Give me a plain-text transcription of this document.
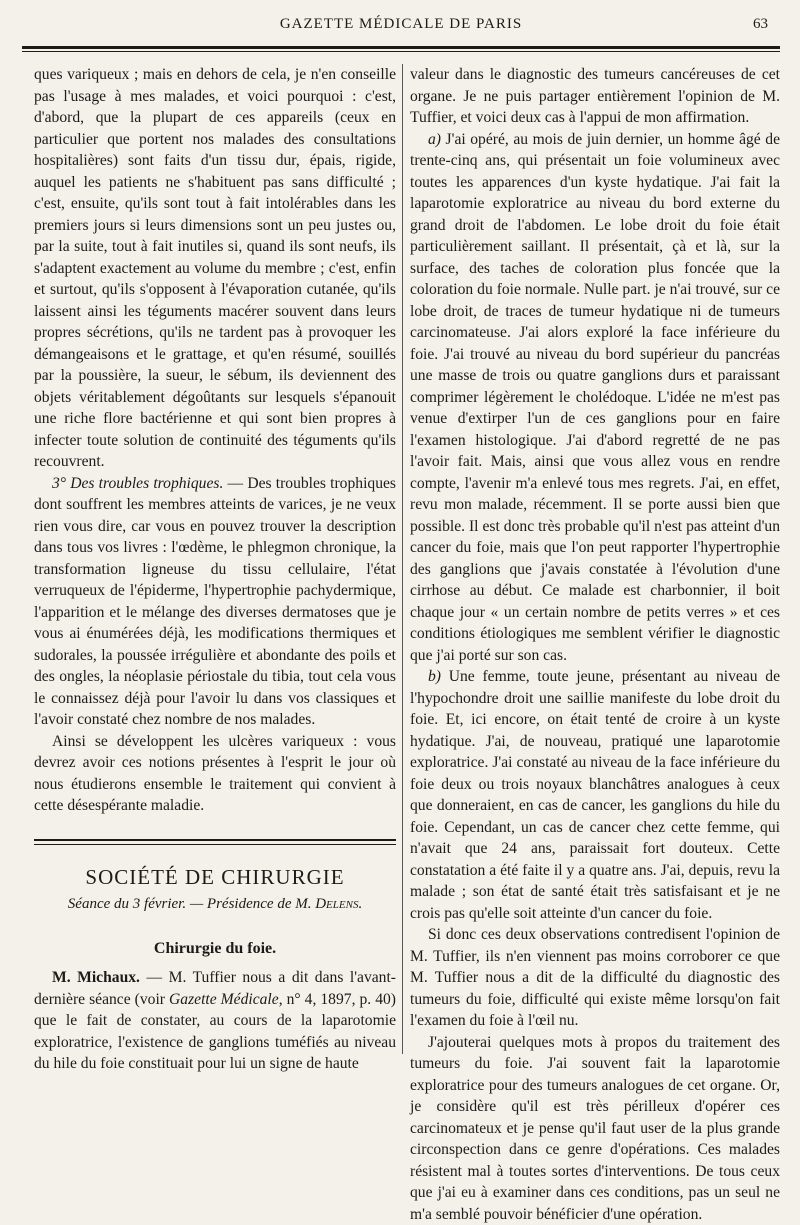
GAZETTE MÉDICALE DE PARIS	63

ques variqueux ; mais en dehors de cela, je n'en conseille pas l'usage à mes malades, et voici pourquoi : c'est, d'abord, que la plupart de ces appareils (ceux en particulier que portent nos malades des consultations hospitalières) sont faits d'un tissu dur, épais, rigide, auquel les patients ne s'habituent pas sans difficulté ; c'est, ensuite, qu'ils sont tout à fait intolérables dans les premiers jours si leurs dimensions sont un peu justes ou, par la suite, tout à fait inutiles si, quand ils sont neufs, ils s'adaptent exactement au volume du membre ; c'est, enfin et surtout, qu'ils s'opposent à l'évaporation cutanée, qu'ils laissent ainsi les téguments macérer souvent dans leurs propres sécrétions, qu'ils ne tardent pas à provoquer les démangeaisons et le grattage, et qu'en résumé, souillés par la poussière, la sueur, le sébum, ils deviennent des objets véritablement dégoûtants sur lesquels s'épanouit une riche flore bactérienne et qui sont bien propres à infecter toute solution de continuité des téguments qu'ils recouvrent.

3° Des troubles trophiques. — Des troubles trophiques dont souffrent les membres atteints de varices, je ne veux rien vous dire, car vous en pouvez trouver la description dans tous vos livres : l'œdème, le phlegmon chronique, la transformation ligneuse du tissu cellulaire, l'état verruqueux de l'épiderme, l'hypertrophie pachydermique, l'apparition et le mélange des diverses dermatoses que je vous ai énumérées déjà, les modifications thermiques et sudorales, la poussée irrégulière et abondante des poils et des ongles, la néoplasie périostale du tibia, tout cela vous le connaissez déjà pour l'avoir lu dans vos classiques et l'avoir constaté chez nombre de nos malades.

Ainsi se développent les ulcères variqueux : vous devrez avoir ces notions présentes à l'esprit le jour où nous étudierons ensemble le traitement qui convient à cette désespérante maladie.

SOCIÉTÉ DE CHIRURGIE
Séance du 3 février. — Présidence de M. Delens.
Chirurgie du foie.

M. Michaux. — M. Tuffier nous a dit dans l'avant-dernière séance (voir Gazette Médicale, n° 4, 1897, p. 40) que le fait de constater, au cours de la laparotomie exploratrice, l'existence de ganglions tuméfiés au niveau du hile du foie constituait pour lui un signe de haute

valeur dans le diagnostic des tumeurs cancéreuses de cet organe. Je ne puis partager entièrement l'opinion de M. Tuffier, et voici deux cas à l'appui de mon affirmation.

a) J'ai opéré, au mois de juin dernier, un homme âgé de trente-cinq ans, qui présentait un foie volumineux avec toutes les apparences d'un kyste hydatique. J'ai fait la laparotomie exploratrice au niveau du bord externe du grand droit de l'abdomen. Le lobe droit du foie était particulièrement saillant. Il présentait, çà et là, sur la surface, des taches de coloration plus foncée que la coloration du foie normale. Nulle part. je n'ai trouvé, sur ce lobe droit, de traces de tumeur hydatique ni de tumeurs carcinomateuse. J'ai alors exploré la face inférieure du foie. J'ai trouvé au niveau du bord supérieur du pancréas une masse de trois ou quatre ganglions durs et paraissant comprimer légèrement le cholédoque. L'idée ne m'est pas venue d'extirper l'un de ces ganglions pour en faire l'examen histologique. J'ai d'abord regretté de ne pas l'avoir fait. Mais, ainsi que vous allez vous en rendre compte, l'avenir m'a enlevé tous mes regrets. J'ai, en effet, revu mon malade, récemment. Il se porte aussi bien que possible. Il est donc très probable qu'il n'est pas atteint d'un cancer du foie, mais que l'on peut rapporter l'hypertrophie des ganglions que j'avais constatée à l'évolution d'une cirrhose au début. Ce malade est charbonnier, il boit chaque jour « un certain nombre de petits verres » et ces conditions étiologiques me semblent vérifier le diagnostic que j'ai porté sur son cas.

b) Une femme, toute jeune, présentant au niveau de l'hypochondre droit une saillie manifeste du lobe droit du foie. Et, ici encore, on était tenté de croire à un kyste hydatique. J'ai, de nouveau, pratiqué une laparotomie exploratrice. J'ai constaté au niveau de la face inférieure du foie deux ou trois noyaux blanchâtres analogues à ceux que donneraient, en cas de cancer, les ganglions du hile du foie. Cependant, un cas de cancer chez cette femme, qui n'avait que 24 ans, paraissait fort douteux. Cette constatation a été faite il y a quatre ans. J'ai, depuis, revu la malade ; son état de santé était très satisfaisant et je ne crois pas qu'elle soit atteinte d'un cancer du foie.

Si donc ces deux observations contredisent l'opinion de M. Tuffier, ils n'en viennent pas moins corroborer ce que M. Tuffier nous a dit de la difficulté du diagnostic des tumeurs du foie, difficulté qui existe même lorsqu'on fait l'examen du foie à l'œil nu.

J'ajouterai quelques mots à propos du traitement des tumeurs du foie. J'ai souvent fait la laparotomie exploratrice pour des tumeurs analogues de cet organe. Or, je considère qu'il est très périlleux d'opérer ces carcinomateux et je pense qu'il faut user de la plus grande circonspection dans ce genre d'opérations. Ces malades résistent mal à toutes sortes d'interventions. De tous ceux que j'ai eu à examiner dans ces conditions, pas un seul ne m'a semblé pouvoir bénéficier d'une opération.
